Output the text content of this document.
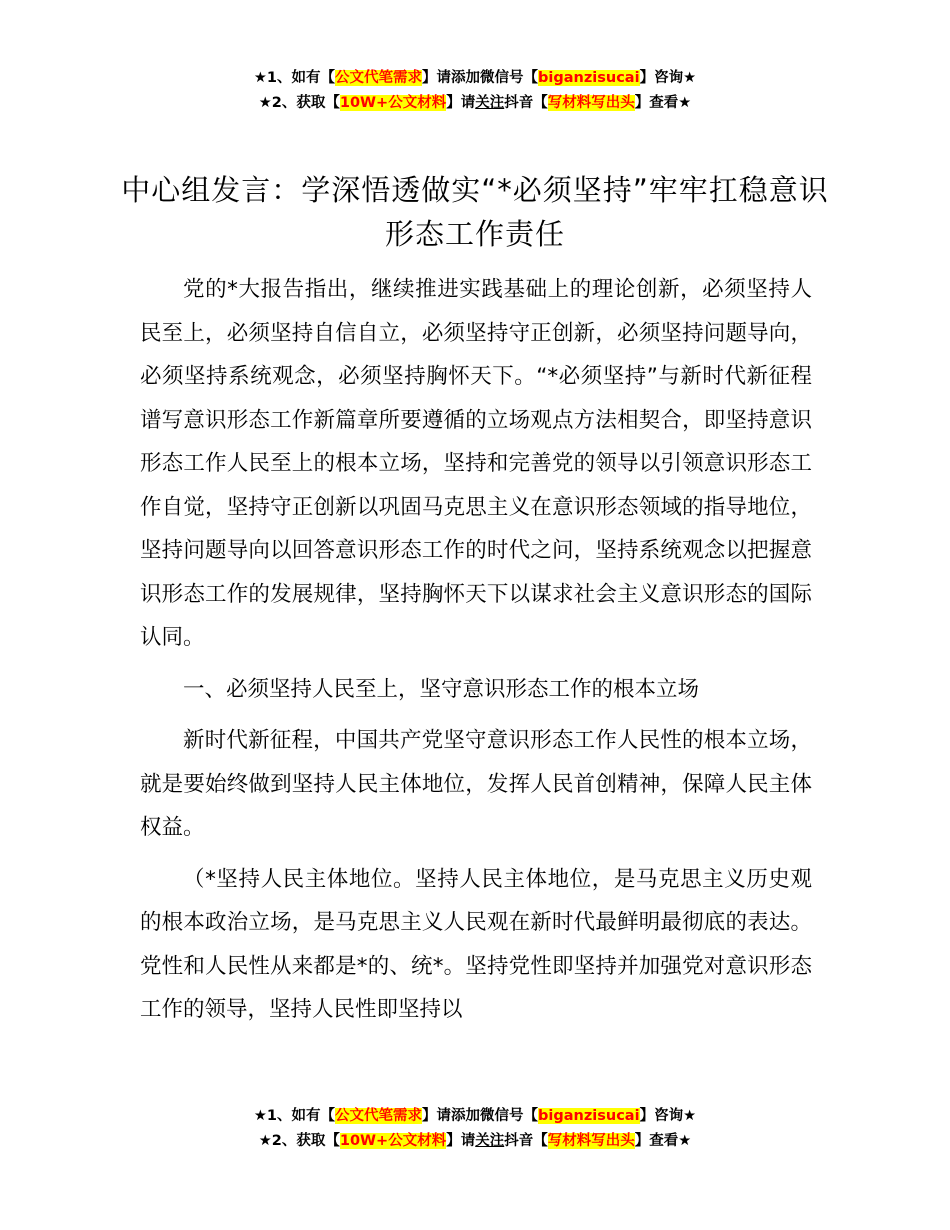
★1、如有【公文代笔需求】请添加微信号【biganzisucai】咨询★
★2、获取【10W+公文材料】请关注抖音【写材料写出头】查看★
中心组发言：学深悟透做实“*必须坚持”牢牢扛稳意识形态工作责任

党的*大报告指出，继续推进实践基础上的理论创新，必须坚持人民至上，必须坚持自信自立，必须坚持守正创新，必须坚持问题导向，必须坚持系统观念，必须坚持胸怀天下。“*必须坚持”与新时代新征程谱写意识形态工作新篇章所要遵循的立场观点方法相契合，即坚持意识形态工作人民至上的根本立场，坚持和完善党的领导以引领意识形态工作自觉，坚持守正创新以巩固马克思主义在意识形态领域的指导地位，坚持问题导向以回答意识形态工作的时代之问，坚持系统观念以把握意识形态工作的发展规律，坚持胸怀天下以谋求社会主义意识形态的国际认同。

一、必须坚持人民至上，坚守意识形态工作的根本立场

新时代新征程，中国共产党坚守意识形态工作人民性的根本立场，就是要始终做到坚持人民主体地位，发挥人民首创精神，保障人民主体权益。

（*坚持人民主体地位。坚持人民主体地位，是马克思主义历史观的根本政治立场，是马克思主义人民观在新时代最鲜明最彻底的表达。党性和人民性从来都是*的、统*。坚持党性即坚持并加强党对意识形态工作的领导，坚持人民性即坚持以

★1、如有【公文代笔需求】请添加微信号【biganzisucai】咨询★
★2、获取【10W+公文材料】请关注抖音【写材料写出头】查看★
